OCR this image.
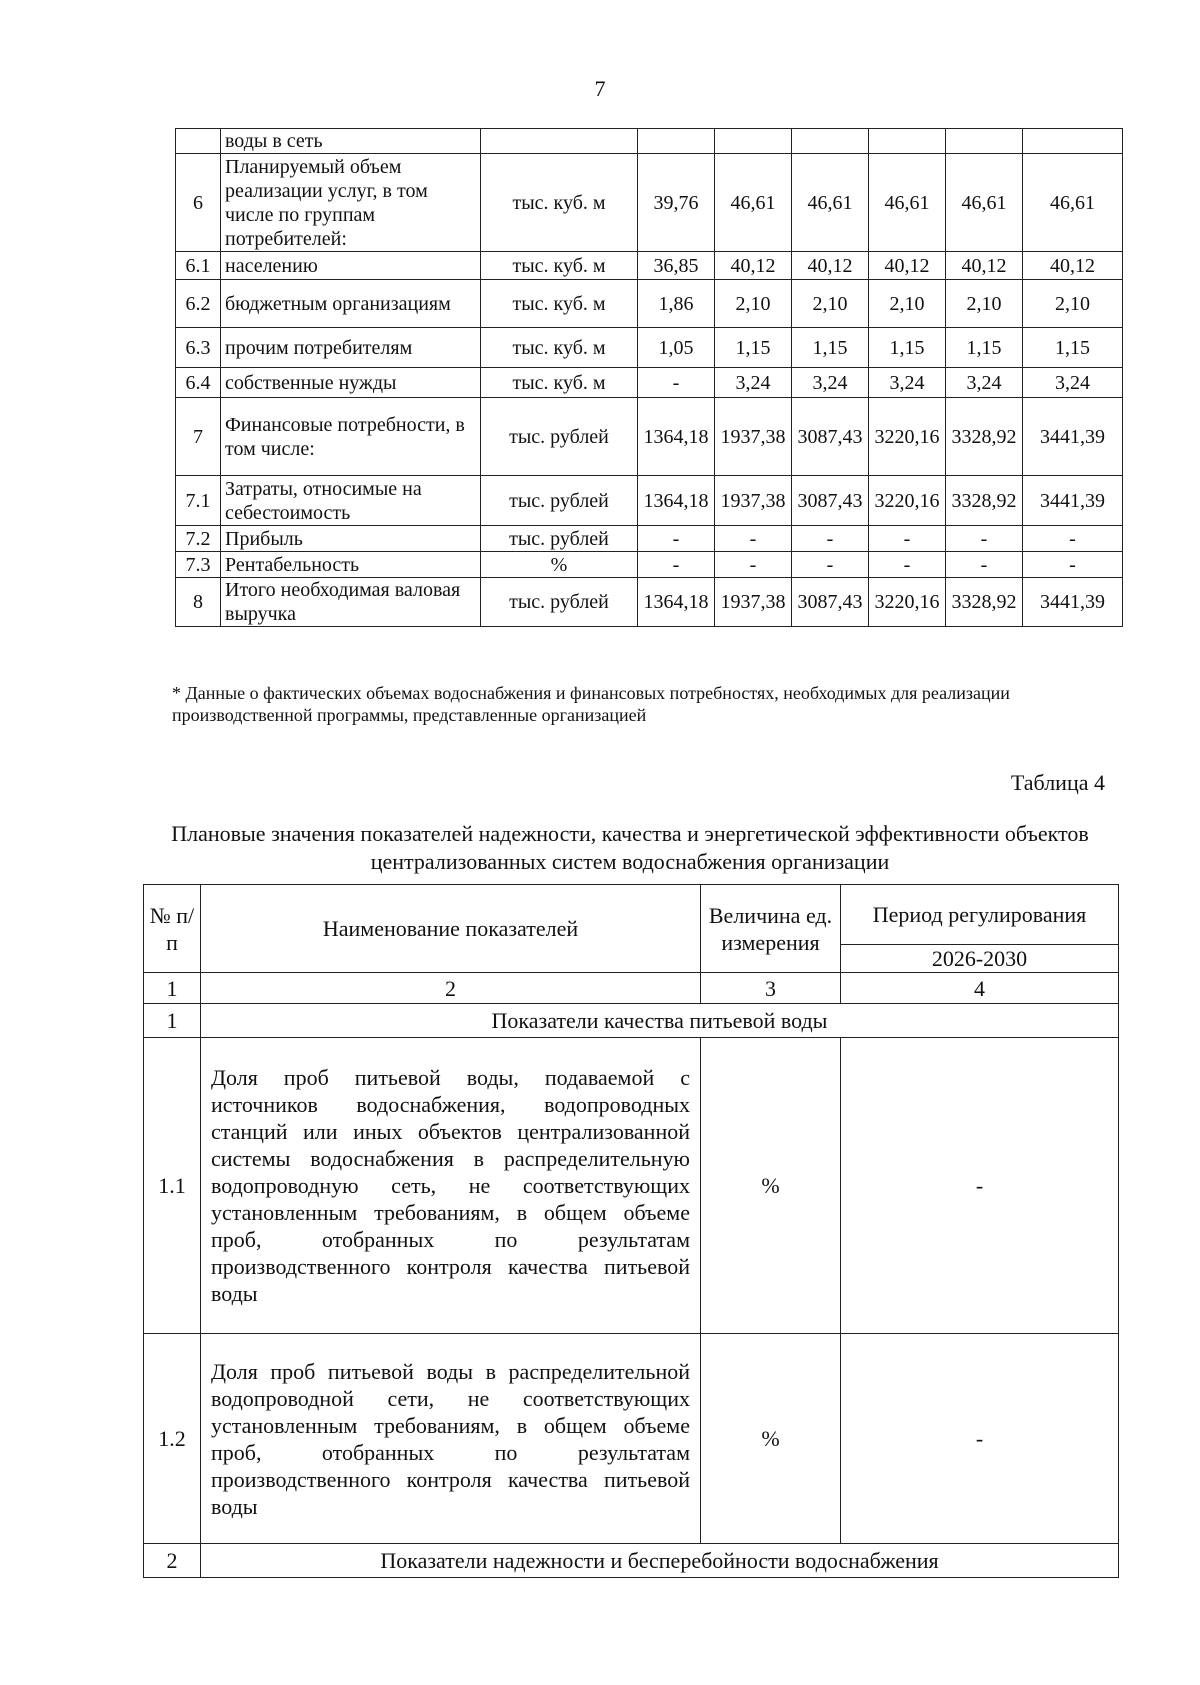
7
	воды в сеть							
6	Планируемый объем реализации услуг, в том числе по группам потребителей:	тыс. куб. м	39,76	46,61	46,61	46,61	46,61	46,61
6.1	населению	тыс. куб. м	36,85	40,12	40,12	40,12	40,12	40,12
6.2	бюджетным организациям	тыс. куб. м	1,86	2,10	2,10	2,10	2,10	2,10
6.3	прочим потребителям	тыс. куб. м	1,05	1,15	1,15	1,15	1,15	1,15
6.4	собственные нужды	тыс. куб. м	-	3,24	3,24	3,24	3,24	3,24
7	Финансовые потребности, в том числе:	тыс. рублей	1364,18	1937,38	3087,43	3220,16	3328,92	3441,39
7.1	Затраты, относимые на себестоимость	тыс. рублей	1364,18	1937,38	3087,43	3220,16	3328,92	3441,39
7.2	Прибыль	тыс. рублей	-	-	-	-	-	-
7.3	Рентабельность	%	-	-	-	-	-	-
8	Итого необходимая валовая выручка	тыс. рублей	1364,18	1937,38	3087,43	3220,16	3328,92	3441,39
* Данные о фактических объемах водоснабжения и финансовых потребностях, необходимых для реализации производственной программы, представленные организацией
Таблица 4
Плановые значения показателей надежности, качества и энергетической эффективности объектов централизованных систем водоснабжения организации
№ п/п	Наименование показателей	Величина ед. измерения	Период регулирования
			2026-2030
1	2	3	4
1	Показатели качества питьевой воды		
1.1	Доля проб питьевой воды, подаваемой с источников водоснабжения, водопроводных станций или иных объектов централизованной системы водоснабжения в распределительную водопроводную сеть, не соответствующих установленным требованиям, в общем объеме проб, отобранных по результатам производственного контроля качества питьевой воды	%	-
1.2	Доля проб питьевой воды в распределительной водопроводной сети, не соответствующих установленным требованиям, в общем объеме проб, отобранных по результатам производственного контроля качества питьевой воды	%	-
2	Показатели надежности и бесперебойности водоснабжения		
